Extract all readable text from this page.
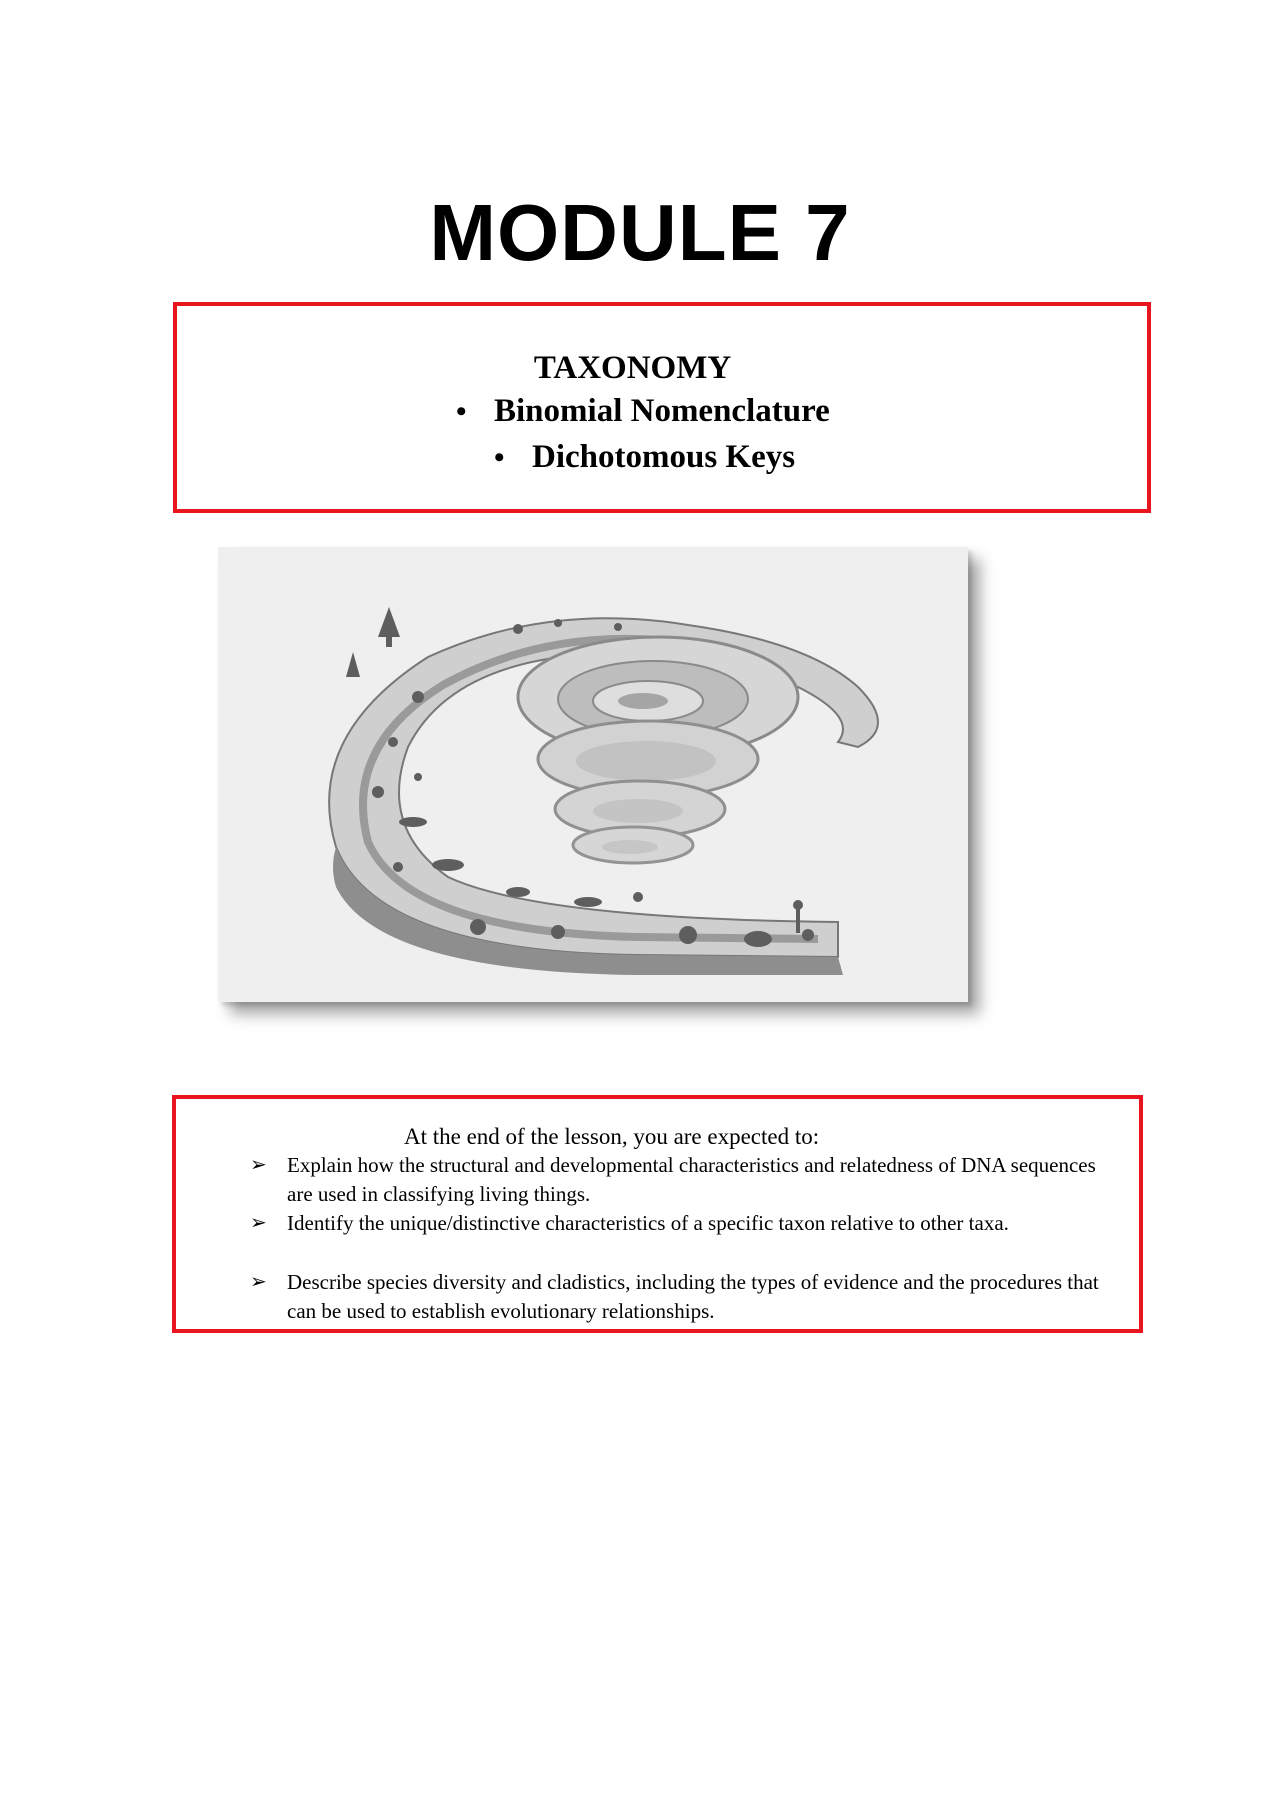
MODULE 7
TAXONOMY
• Binomial Nomenclature
• Dichotomous Keys
At the end of the lesson, you are expected to:
➢ Explain how the structural and developmental characteristics and relatedness of DNA sequences are used in classifying living things.
➢ Identify the unique/distinctive characteristics of a specific taxon relative to other taxa.
➢ Describe species diversity and cladistics, including the types of evidence and the procedures that can be used to establish evolutionary relationships.
